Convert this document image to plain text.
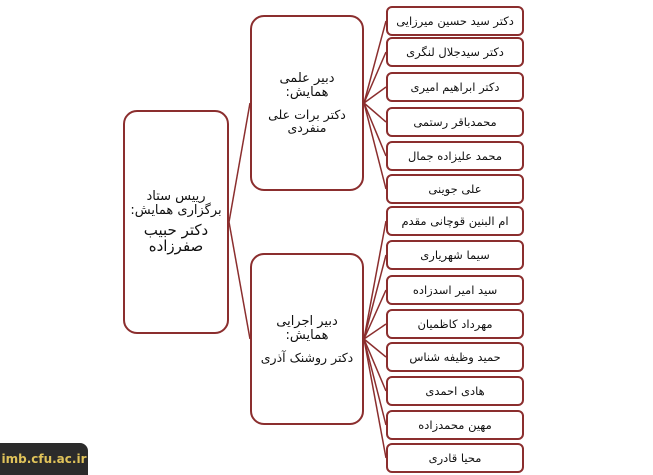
رییس ستاد برگزاری همایش:
دکتر حبیب صفرزاده
دبیر علمی همایش:
دکتر برات علی منفردی
دبیر اجرایی همایش:
دکتر روشنک آذری
دکتر سید حسین میرزایی
دکتر سیدجلال لنگری
دکتر ابراهیم امیری
محمدباقر رستمی
محمد علیزاده جمال
علی جوینی
ام البنین قوچانی مقدم
سیما شهریاری
سید امیر اسدزاده
مهرداد کاظمیان
حمید وظیفه شناس
هادی احمدی
مهین محمدزاده
محیا قادری
imb.cfu.ac.ir
